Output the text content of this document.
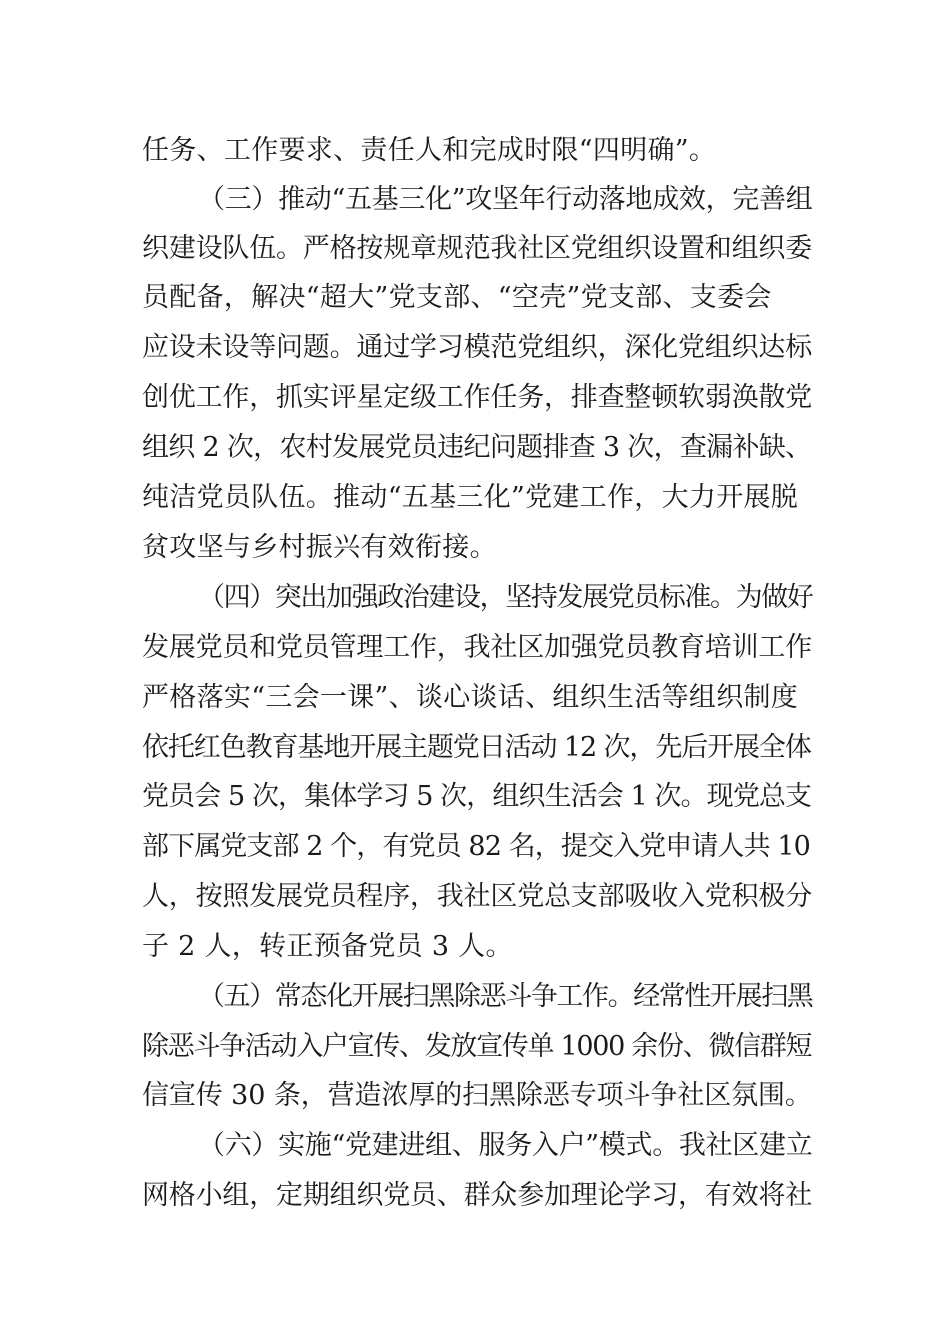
任务、工作要求、责任人和完成时限“四明确”。
（三）推动“五基三化”攻坚年行动落地成效，完善组
织建设队伍。严格按规章规范我社区党组织设置和组织委
员配备，解决“超大”党支部、“空壳”党支部、支委会
应设未设等问题。通过学习模范党组织，深化党组织达标
创优工作，抓实评星定级工作任务，排查整顿软弱涣散党
组织 2 次，农村发展党员违纪问题排查 3 次，查漏补缺、
纯洁党员队伍。推动“五基三化”党建工作，大力开展脱
贫攻坚与乡村振兴有效衔接。
（四）突出加强政治建设，坚持发展党员标准。为做好
发展党员和党员管理工作，我社区加强党员教育培训工作
严格落实“三会一课”、谈心谈话、组织生活等组织制度
依托红色教育基地开展主题党日活动 12 次，先后开展全体
党员会 5 次，集体学习 5 次，组织生活会 1 次。现党总支
部下属党支部 2 个，有党员 82 名，提交入党申请人共 10
人，按照发展党员程序，我社区党总支部吸收入党积极分
子 2 人，转正预备党员 3 人。
（五）常态化开展扫黑除恶斗争工作。经常性开展扫黑
除恶斗争活动入户宣传、发放宣传单 1000 余份、微信群短
信宣传 30 条，营造浓厚的扫黑除恶专项斗争社区氛围。
（六）实施“党建进组、服务入户”模式。我社区建立
网格小组，定期组织党员、群众参加理论学习，有效将社
